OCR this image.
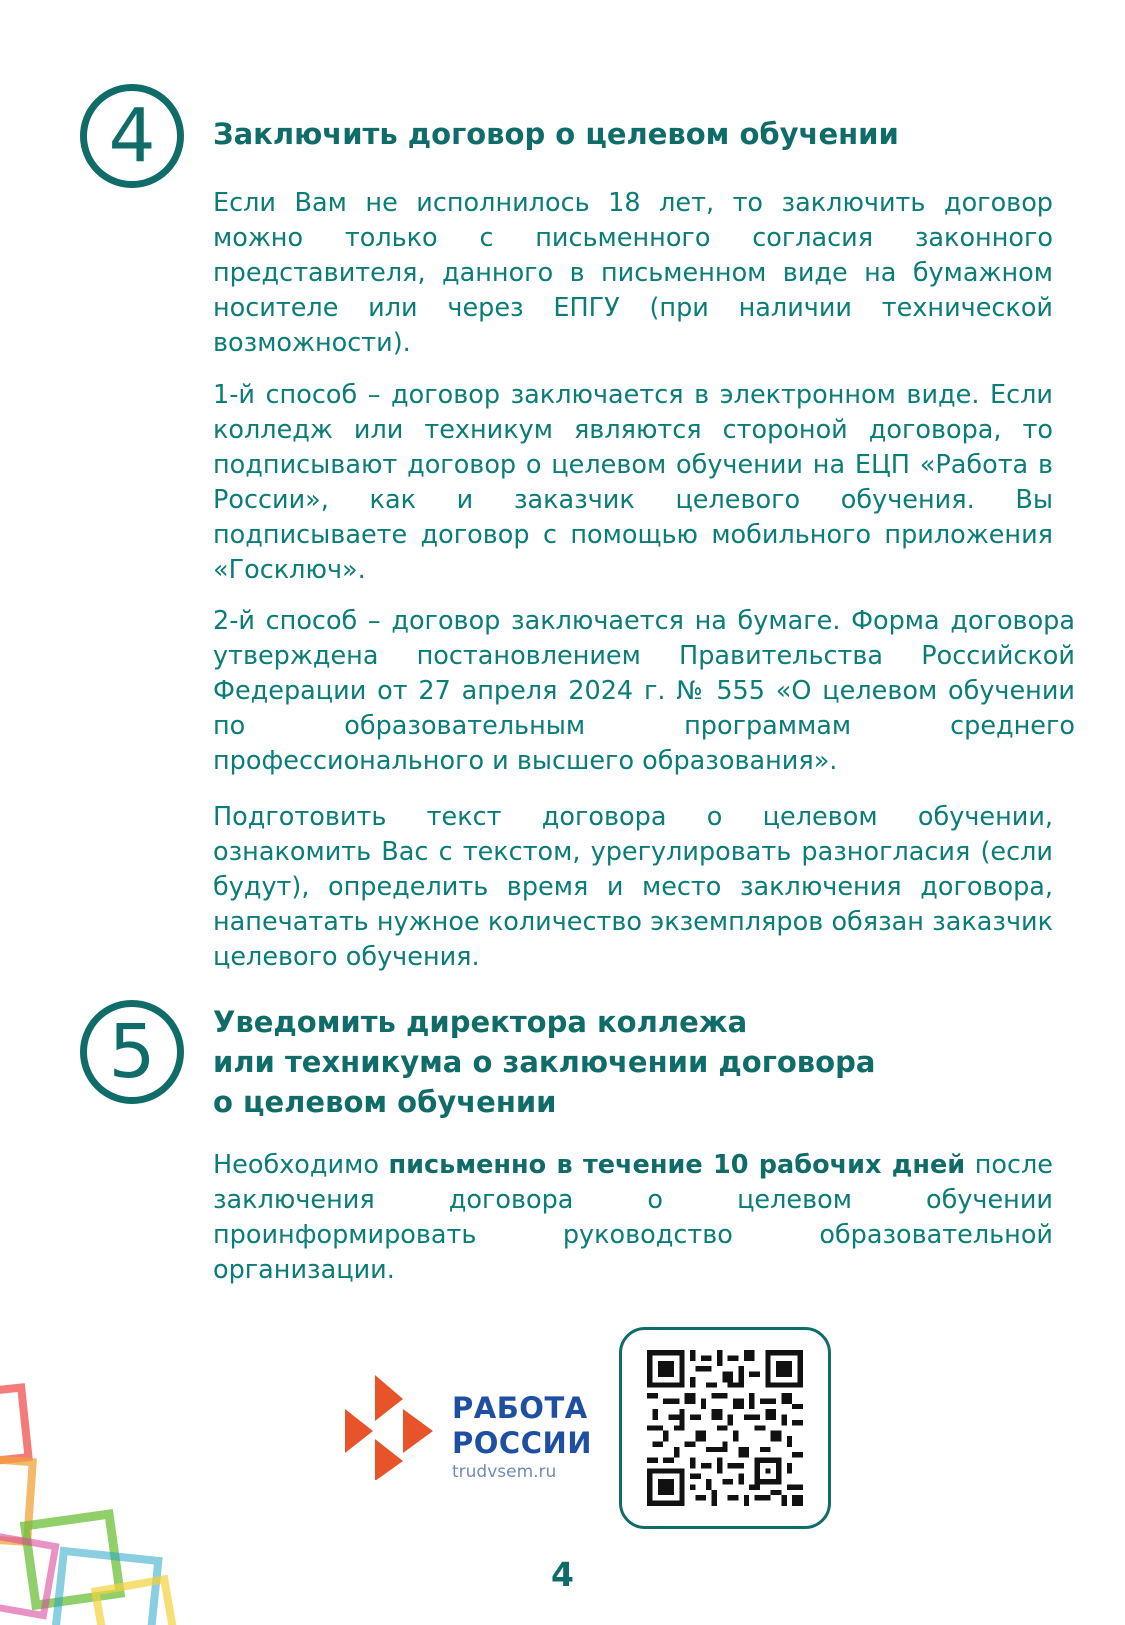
4 Заключить договор о целевом обучении

Если Вам не исполнилось 18 лет, то заключить договор можно только с письменного согласия законного представителя, данного в письменном виде на бумажном носителе или через ЕПГУ (при наличии технической возможности).

1-й способ – договор заключается в электронном виде. Если колледж или техникум являются стороной договора, то подписывают договор о целевом обучении на ЕЦП «Работа в России», как и заказчик целевого обучения. Вы подписываете договор с помощью мобильного приложения «Госключ».

2-й способ – договор заключается на бумаге. Форма договора утверждена постановлением Правительства Российской Федерации от 27 апреля 2024 г. № 555 «О целевом обучении по образовательным программам среднего профессионального и высшего образования».

Подготовить текст договора о целевом обучении, ознакомить Вас с текстом, урегулировать разногласия (если будут), определить время и место заключения договора, напечатать нужное количество экземпляров обязан заказчик целевого обучения.

5 Уведомить директора коллежа
или техникума о заключении договора
о целевом обучении

Необходимо письменно в течение 10 рабочих дней после заключения договора о целевом обучении проинформировать руководство образовательной организации.

РАБОТА
РОССИИ
trudvsem.ru
4
